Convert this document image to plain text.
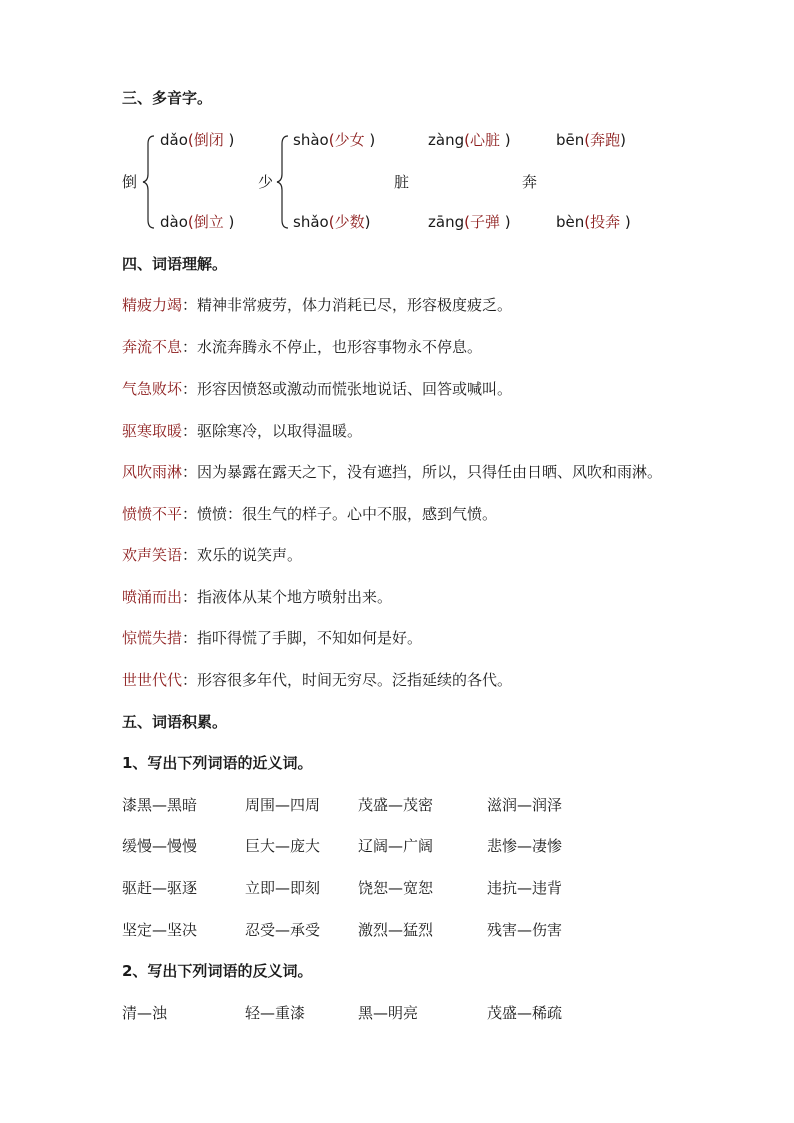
三、多音字。
倒
dǎo(倒闭 )
dào(倒立 )
少
shào(少女 )
shǎo(少数)
脏
zàng(心脏 )
zāng(子弹 )
奔
bēn(奔跑)
bèn(投奔 )
四、词语理解。
精疲力竭：精神非常疲劳，体力消耗已尽，形容极度疲乏。
奔流不息：水流奔腾永不停止，也形容事物永不停息。
气急败坏：形容因愤怒或激动而慌张地说话、回答或喊叫。
驱寒取暖：驱除寒冷，以取得温暖。
风吹雨淋：因为暴露在露天之下，没有遮挡，所以，只得任由日晒、风吹和雨淋。
愤愤不平：愤愤：很生气的样子。心中不服，感到气愤。
欢声笑语：欢乐的说笑声。
喷涌而出：指液体从某个地方喷射出来。
惊慌失措：指吓得慌了手脚，不知如何是好。
世世代代：形容很多年代，时间无穷尽。泛指延续的各代。
五、词语积累。
1、写出下列词语的近义词。
漆黑—黑暗	周围—四周	茂盛—茂密	滋润—润泽
缓慢—慢慢	巨大—庞大	辽阔—广阔	悲惨—凄惨
驱赶—驱逐	立即—即刻	饶恕—宽恕	违抗—违背
坚定—坚决	忍受—承受	激烈—猛烈	残害—伤害
2、写出下列词语的反义词。
清—浊	轻—重漆	黑—明亮	茂盛—稀疏
